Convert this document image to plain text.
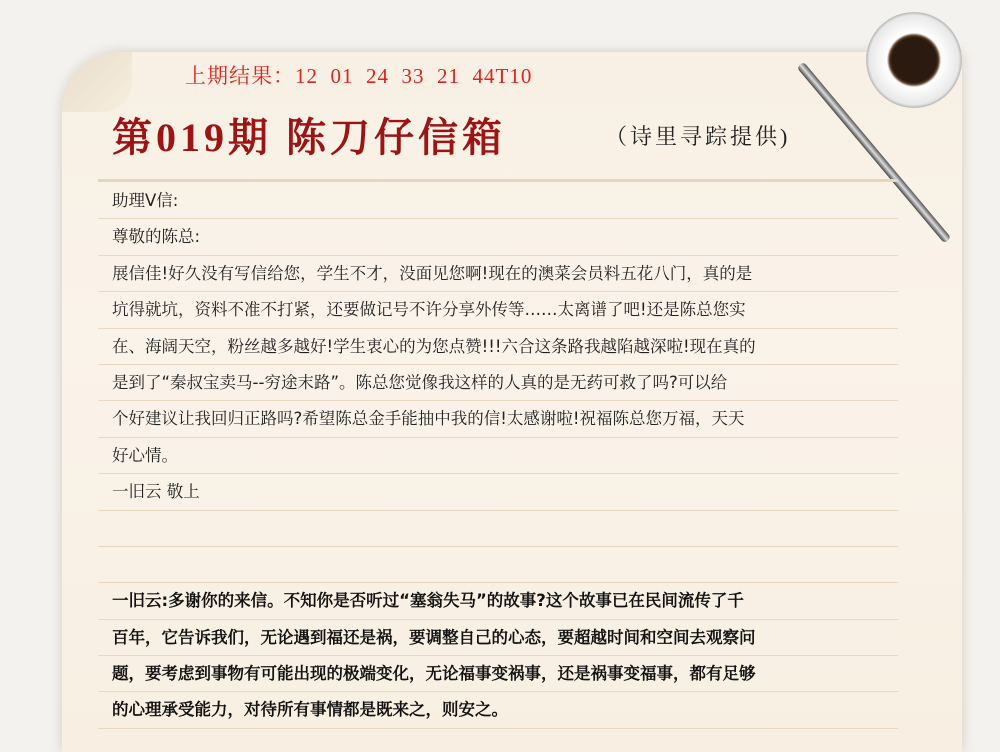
上期结果：12  01  24  33  21  44T10
第019期 陈刀仔信箱	（诗里寻踪提供)
助理V信:
尊敬的陈总:
展信佳!好久没有写信给您，学生不才，没面见您啊!现在的澳菜会员料五花八门，真的是
坑得就坑，资料不准不打紧，还要做记号不许分享外传等……太离谱了吧!还是陈总您实
在、海阔天空，粉丝越多越好!学生衷心的为您点赞!!!六合这条路我越陷越深啦!现在真的
是到了“秦叔宝卖马--穷途末路”。陈总您觉像我这样的人真的是无药可救了吗?可以给
个好建议让我回归正路吗?希望陈总金手能抽中我的信!太感谢啦!祝福陈总您万福，天天
好心情。
一旧云 敬上
一旧云:多谢你的来信。不知你是否听过“塞翁失马”的故事?这个故事已在民间流传了千
百年，它告诉我们，无论遇到福还是祸，要调整自己的心态，要超越时间和空间去观察问
题，要考虑到事物有可能出现的极端变化，无论福事变祸事，还是祸事变福事，都有足够
的心理承受能力，对待所有事情都是既来之，则安之。
